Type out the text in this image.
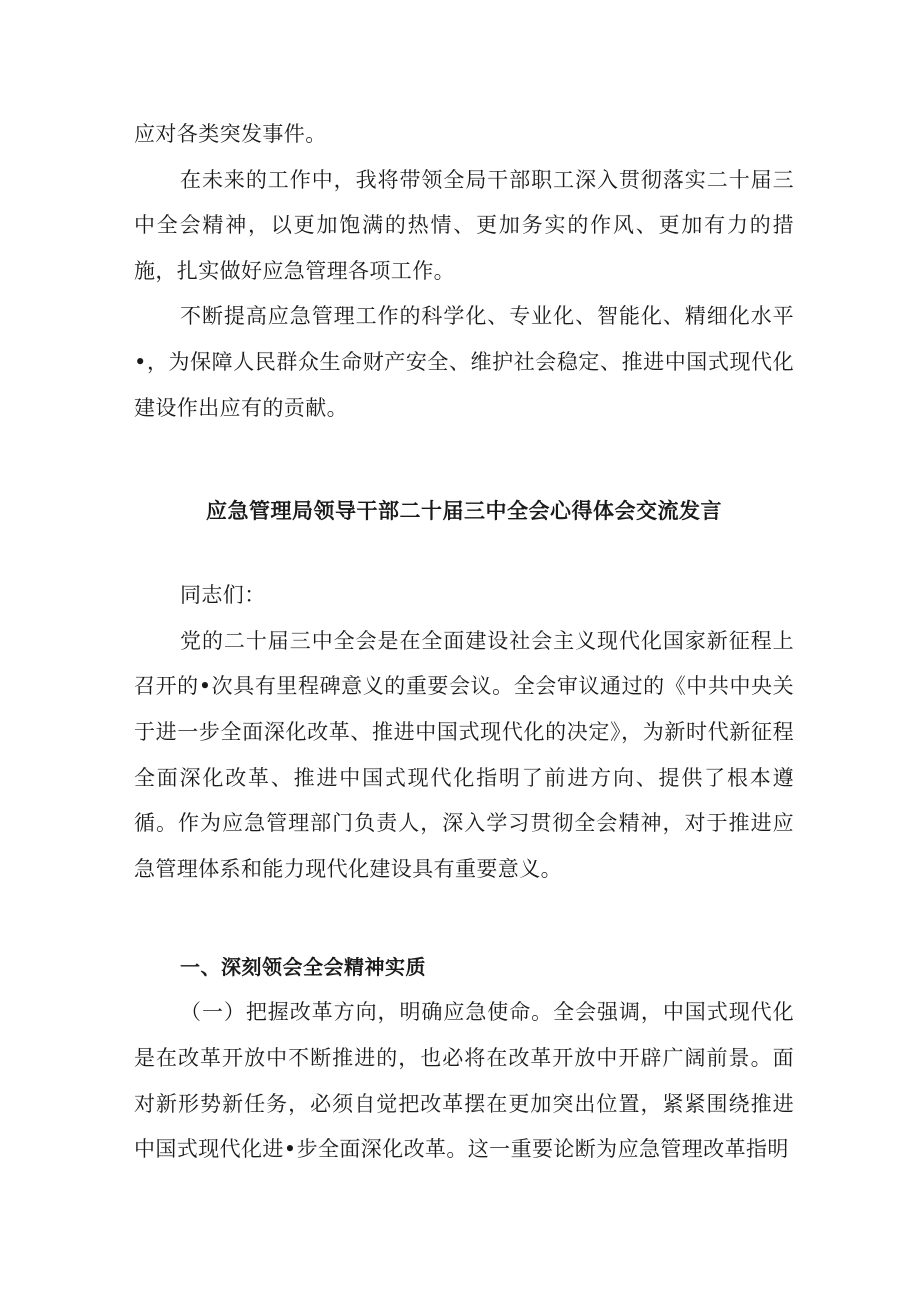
应对各类突发事件。

在未来的工作中，我将带领全局干部职工深入贯彻落实二十届三中全会精神，以更加饱满的热情、更加务实的作风、更加有力的措施，扎实做好应急管理各项工作。

不断提高应急管理工作的科学化、专业化、智能化、精细化水平•，为保障人民群众生命财产安全、维护社会稳定、推进中国式现代化建设作出应有的贡献。

应急管理局领导干部二十届三中全会心得体会交流发言

同志们：

党的二十届三中全会是在全面建设社会主义现代化国家新征程上召开的•次具有里程碑意义的重要会议。全会审议通过的《中共中央关于进一步全面深化改革、推进中国式现代化的决定》，为新时代新征程全面深化改革、推进中国式现代化指明了前进方向、提供了根本遵循。作为应急管理部门负责人，深入学习贯彻全会精神，对于推进应急管理体系和能力现代化建设具有重要意义。

一、深刻领会全会精神实质

（一）把握改革方向，明确应急使命。全会强调，中国式现代化是在改革开放中不断推进的，也必将在改革开放中开辟广阔前景。面对新形势新任务，必须自觉把改革摆在更加突出位置，紧紧围绕推进中国式现代化进•步全面深化改革。这一重要论断为应急管理改革指明
